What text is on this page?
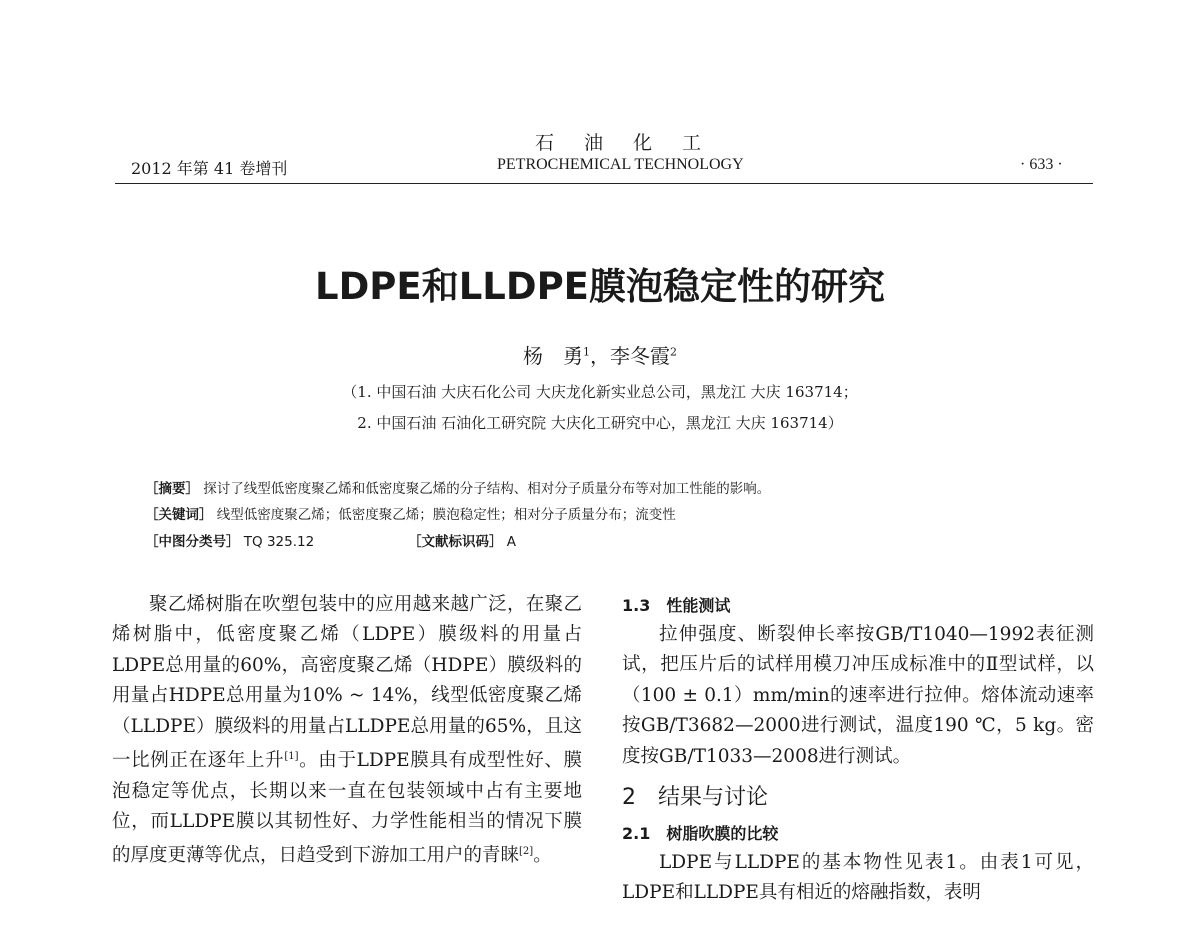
石油化工
2012 年第 41 卷增刊	PETROCHEMICAL TECHNOLOGY	· 633 ·
LDPE和LLDPE膜泡稳定性的研究
杨　勇$^1$，李冬霞$^2$
（1. 中国石油 大庆石化公司 大庆龙化新实业总公司，黑龙江 大庆 163714；
2. 中国石油 石油化工研究院 大庆化工研究中心，黑龙江 大庆 163714）
［摘要］ 探讨了线型低密度聚乙烯和低密度聚乙烯的分子结构、相对分子质量分布等对加工性能的影响。
［关键词］ 线型低密度聚乙烯；低密度聚乙烯；膜泡稳定性；相对分子质量分布；流变性
［中图分类号］ TQ 325.12	［文献标识码］ A

聚乙烯树脂在吹塑包装中的应用越来越广泛，在聚乙烯树脂中，低密度聚乙烯（LDPE）膜级料的用量占LDPE总用量的60%，高密度聚乙烯（HDPE）膜级料的用量占HDPE总用量为10% ~ 14%，线型低密度聚乙烯（LLDPE）膜级料的用量占LLDPE总用量的65%，且这一比例正在逐年上升[1]。由于LDPE膜具有成型性好、膜泡稳定等优点，长期以来一直在包装领域中占有主要地位，而LLDPE膜以其韧性好、力学性能相当的情况下膜的厚度更薄等优点，日趋受到下游加工用户的青睐[2]。

1.3　性能测试

拉伸强度、断裂伸长率按GB/T1040—1992表征测试，把压片后的试样用模刀冲压成标准中的Ⅱ型试样，以（100 ± 0.1）mm/min的速率进行拉伸。熔体流动速率按GB/T3682—2000进行测试，温度190 ℃，5 kg。密度按GB/T1033—2008进行测试。

2　结果与讨论
2.1　树脂吹膜的比较

LDPE与LLDPE的基本物性见表1。由表1可见，LDPE和LLDPE具有相近的熔融指数，表明
